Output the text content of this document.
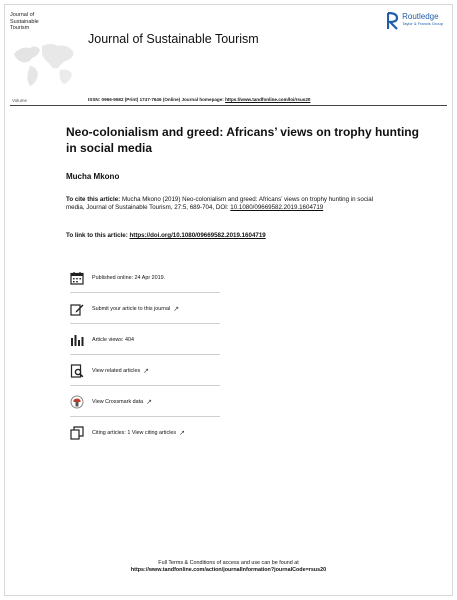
Journal of
Sustainable
Tourism
Journal of Sustainable Tourism
Routledge
Taylor & Francis Group
Volume	ISSN: 0966-9582 (Print) 1747-7646 (Online) Journal homepage: https://www.tandfonline.com/loi/rsus20
Neo-colonialism and greed: Africans’ views on trophy hunting in social media
Mucha Mkono
To cite this article: Mucha Mkono (2019) Neo-colonialism and greed: Africans’ views on trophy hunting in social media, Journal of Sustainable Tourism, 27:5, 689-704, DOI: 10.1080/09669582.2019.1604719
To link to this article: https://doi.org/10.1080/09669582.2019.1604719
Published online: 24 Apr 2019.
Submit your article to this journal ↗
Article views: 404
View related articles ↗
View Crossmark data ↗
Citing articles: 1 View citing articles ↗
Full Terms & Conditions of access and use can be found at
https://www.tandfonline.com/action/journalInformation?journalCode=rsus20
